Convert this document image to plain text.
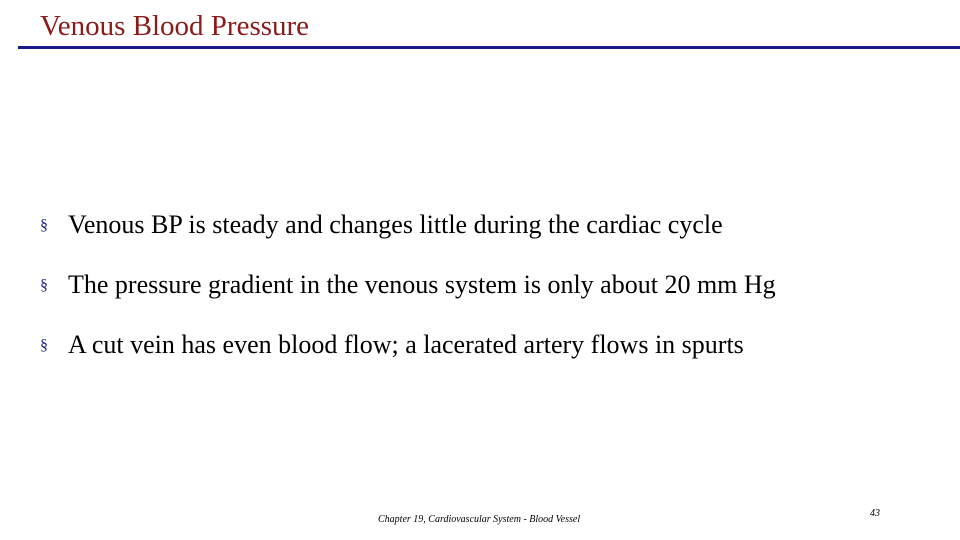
Venous Blood Pressure
§ Venous BP is steady and changes little during the cardiac cycle
§ The pressure gradient in the venous system is only about 20 mm Hg
§ A cut vein has even blood flow; a lacerated artery flows in spurts
Chapter 19, Cardiovascular System - Blood Vessel
43
